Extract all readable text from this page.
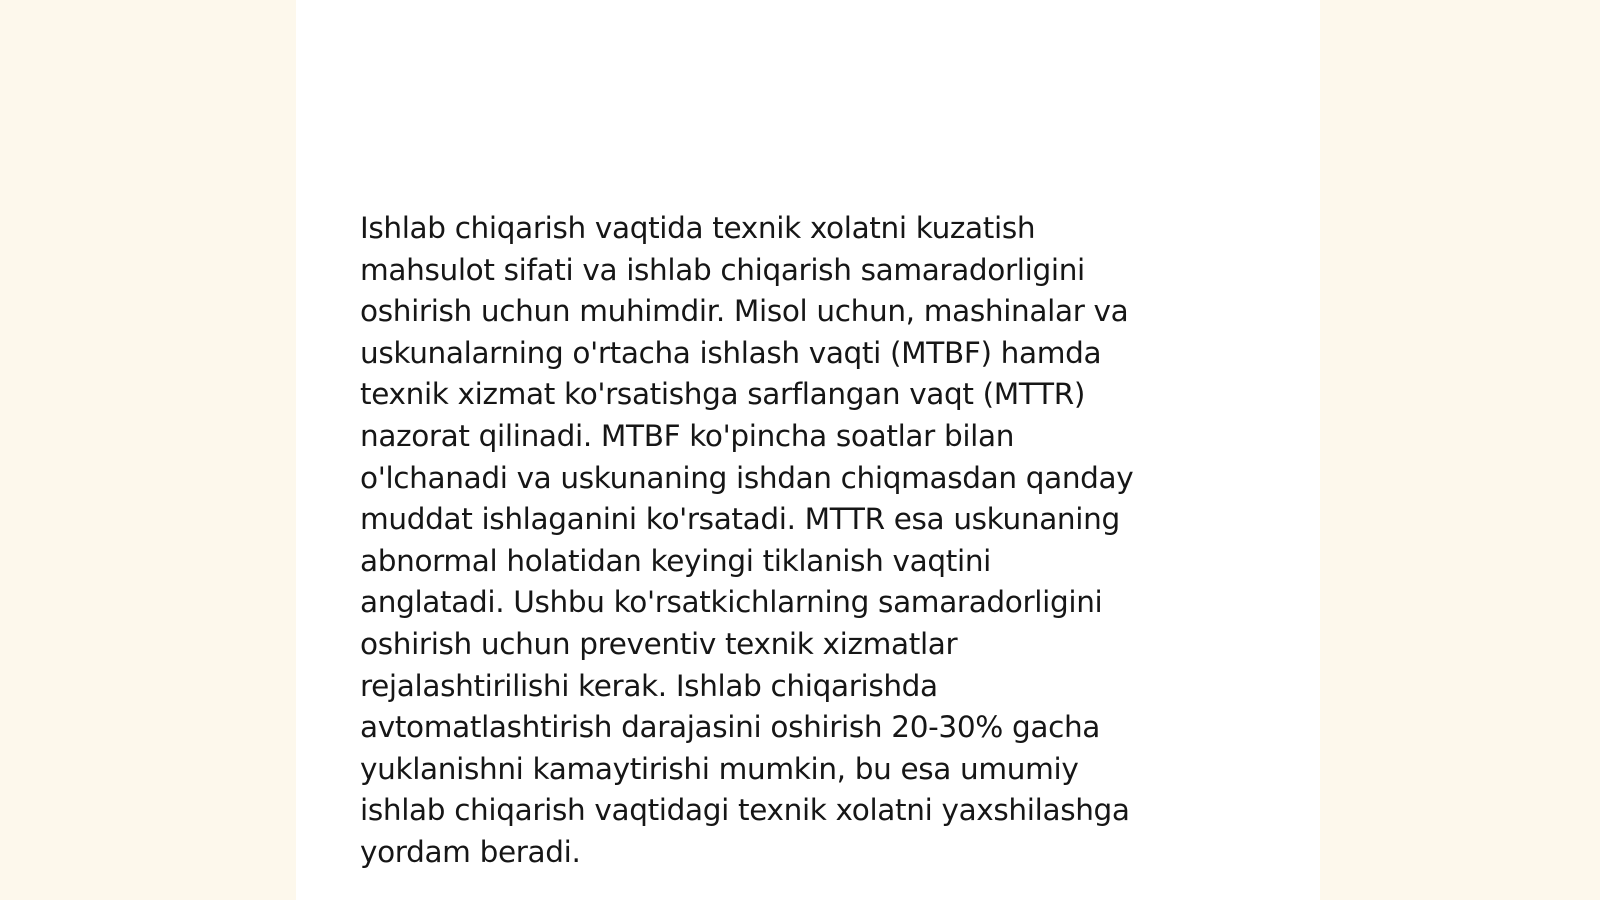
Ishlab chiqarish vaqtida texnik xolatni kuzatish
mahsulot sifati va ishlab chiqarish samaradorligini
oshirish uchun muhimdir. Misol uchun, mashinalar va
uskunalarning o'rtacha ishlash vaqti (MTBF) hamda
texnik xizmat ko'rsatishga sarflangan vaqt (MTTR)
nazorat qilinadi. MTBF ko'pincha soatlar bilan
o'lchanadi va uskunaning ishdan chiqmasdan qanday
muddat ishlaganini ko'rsatadi. MTTR esa uskunaning
abnormal holatidan keyingi tiklanish vaqtini
anglatadi. Ushbu ko'rsatkichlarning samaradorligini
oshirish uchun preventiv texnik xizmatlar
rejalashtirilishi kerak. Ishlab chiqarishda
avtomatlashtirish darajasini oshirish 20-30% gacha
yuklanishni kamaytirishi mumkin, bu esa umumiy
ishlab chiqarish vaqtidagi texnik xolatni yaxshilashga
yordam beradi.
